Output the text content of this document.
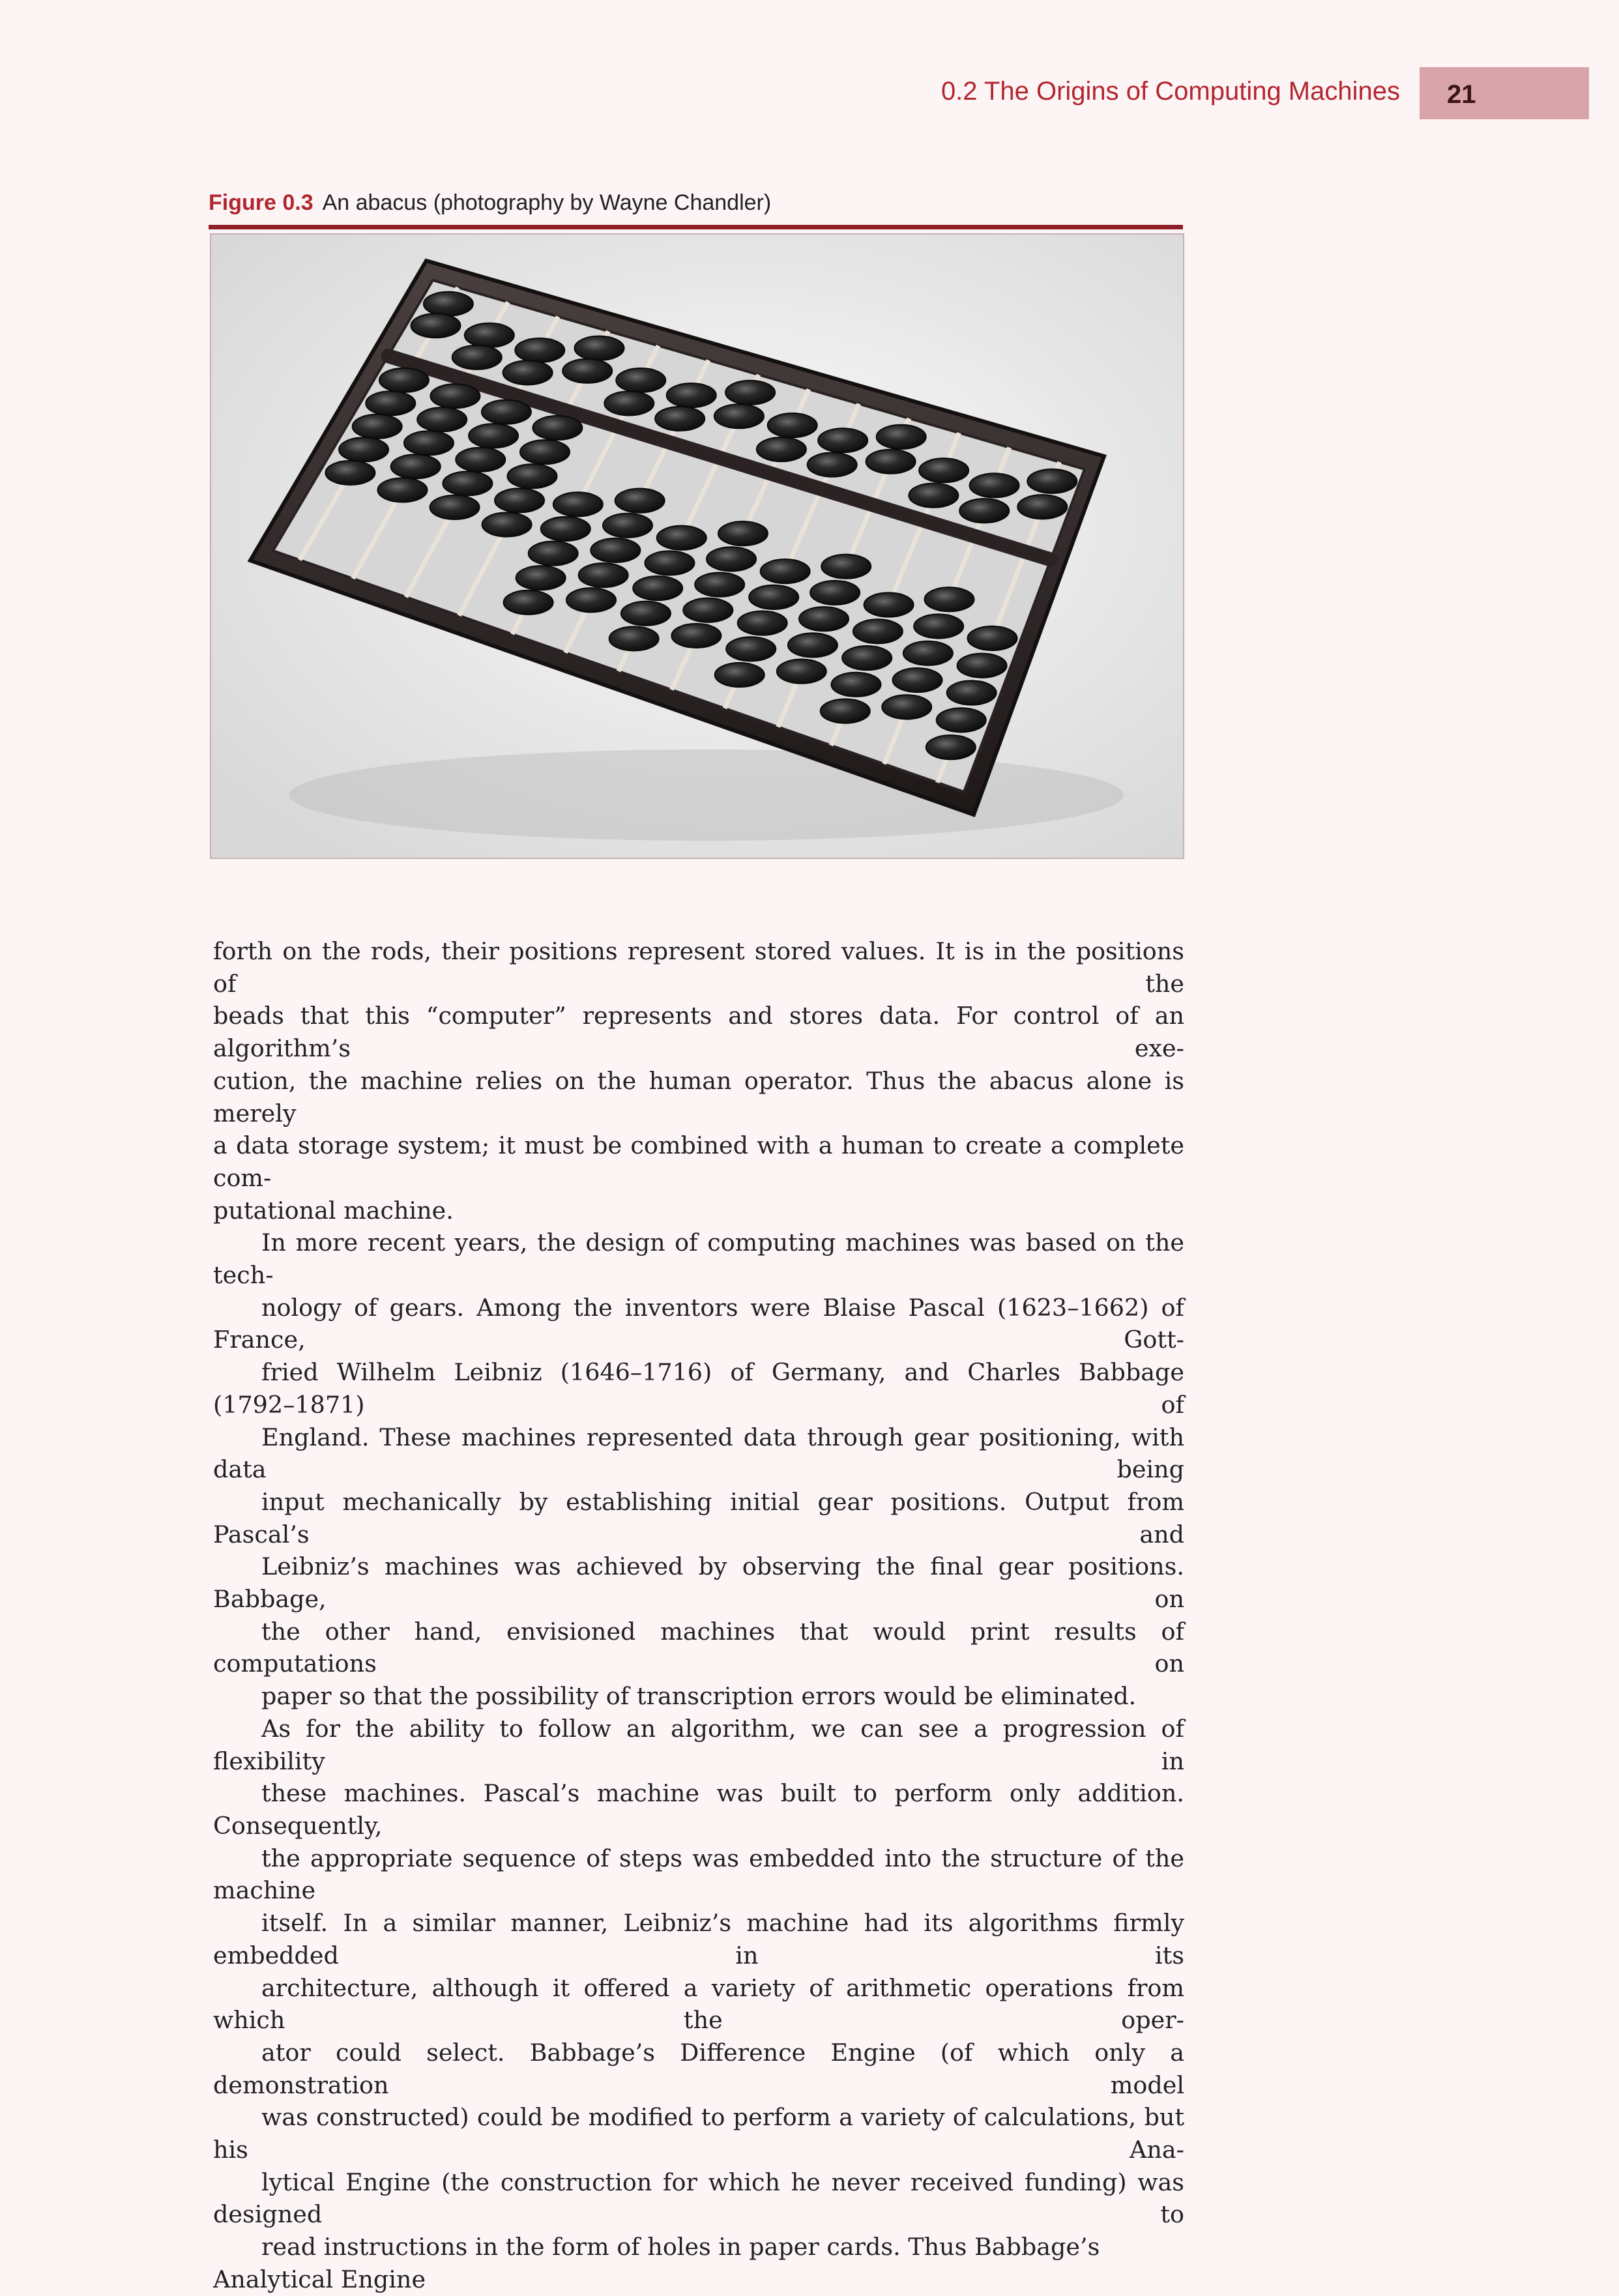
0.2 The Origins of Computing Machines 21
Figure 0.3 An abacus (photography by Wayne Chandler)

forth on the rods, their positions represent stored values. It is in the positions of the
beads that this “computer” represents and stores data. For control of an algorithm’s exe-
cution, the machine relies on the human operator. Thus the abacus alone is merely
a data storage system; it must be combined with a human to create a complete com-
putational machine.

In more recent years, the design of computing machines was based on the tech-
nology of gears. Among the inventors were Blaise Pascal (1623–1662) of France, Gott-
fried Wilhelm Leibniz (1646–1716) of Germany, and Charles Babbage (1792–1871) of
England. These machines represented data through gear positioning, with data being
input mechanically by establishing initial gear positions. Output from Pascal’s and
Leibniz’s machines was achieved by observing the final gear positions. Babbage, on
the other hand, envisioned machines that would print results of computations on
paper so that the possibility of transcription errors would be eliminated.

As for the ability to follow an algorithm, we can see a progression of flexibility in
these machines. Pascal’s machine was built to perform only addition. Consequently,
the appropriate sequence of steps was embedded into the structure of the machine
itself. In a similar manner, Leibniz’s machine had its algorithms firmly embedded in its
architecture, although it offered a variety of arithmetic operations from which the oper-
ator could select. Babbage’s Difference Engine (of which only a demonstration model
was constructed) could be modified to perform a variety of calculations, but his Ana-
lytical Engine (the construction for which he never received funding) was designed to
read instructions in the form of holes in paper cards. Thus Babbage’s Analytical Engine
